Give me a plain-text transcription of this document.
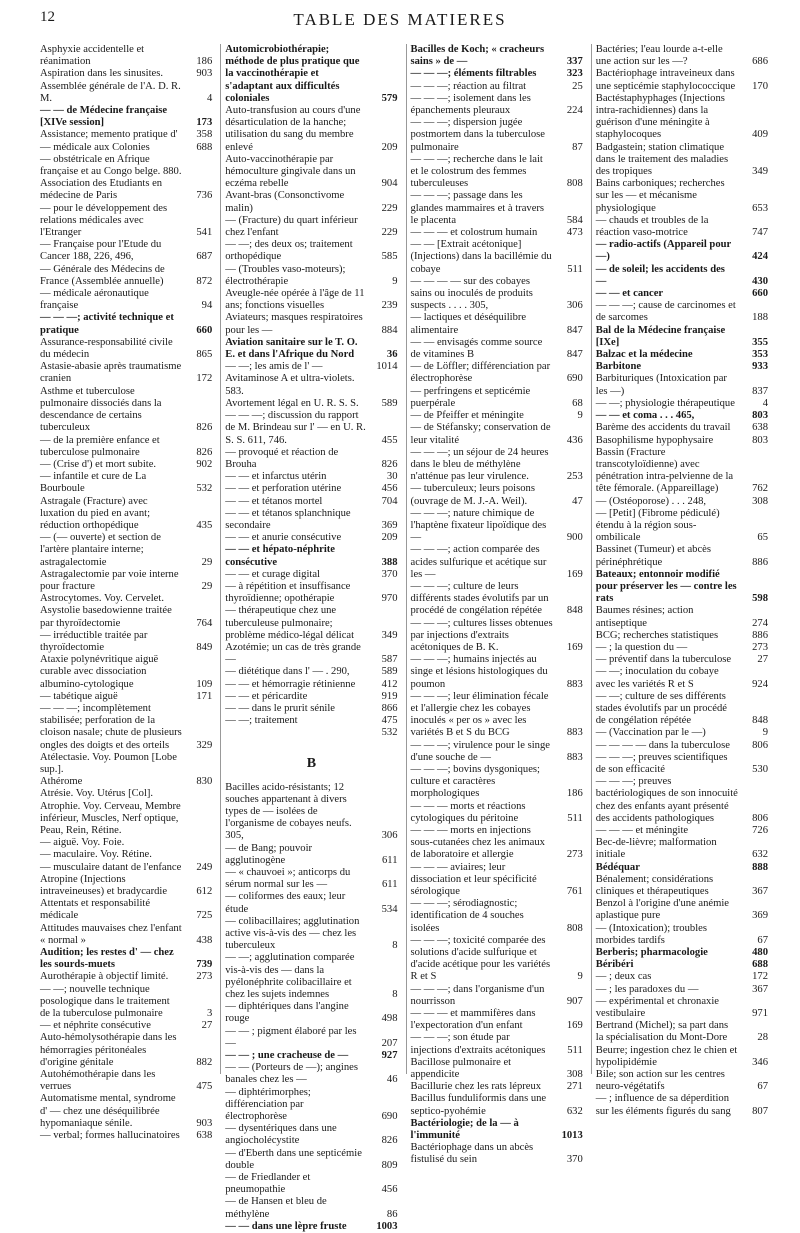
12	TABLE DES MATIERES
Asphyxie accidentelle et réanimation	186
Aspiration dans les sinusites.	903
Assemblée générale de l'A. D. R. M.	4
— — de Médecine française [XIVe session]	173
Assistance; memento pratique d'	358
— médicale aux Colonies	688
— obstétricale en Afrique française et au Congo belge. 880.
Association des Etudiants en médecine de Paris	736
— pour le développement des relations médicales avec l'Etranger	541
— Française pour l'Etude du Cancer 188, 226, 496,	687
— Générale des Médecins de France (Assemblée annuelle)	872
— médicale aéronautique française	94
— — —; activité technique et pratique	660
Assurance-responsabilité civile du médecin	865
Astasie-abasie après traumatisme cranien	172
Asthme et tuberculose pulmonaire dissociés dans la descendance de certains tuberculeux	826
— de la première enfance et tuberculose pulmonaire	826
— (Crise d') et mort subite.	902
— infantile et cure de La Bourboule	532
Astragale (Fracture) avec luxation du pied en avant; réduction orthopédique	435
— (— ouverte) et section de l'artère plantaire interne; astragalectomie	29
Astragalectomie par voie interne pour fracture	29
Astrocytomes. Voy. Cervelet.
Asystolie basedowienne traitée par thyroïdectomie	764
— irréductible traitée par thyroïdectomie	849
Ataxie polynévritique aiguë curable avec dissociation albumino-cytologique	109
— tabétique aiguë	171
— — —; incomplètement stabilisée; perforation de la cloison nasale; chute de plusieurs ongles des doigts et des orteils	329
Atélectasie. Voy. Poumon [Lobe sup.].
Athérome	830
Atrésie. Voy. Utérus [Col].
Atrophie. Voy. Cerveau, Membre inférieur, Muscles, Nerf optique, Peau, Rein, Rétine.
— aiguë. Voy. Foie.
— maculaire. Voy. Rétine.
— musculaire datant de l'enfance	249
Atropine (Injections intraveineuses) et bradycardie	612
Attentats et responsabilité médicale	725
Attitudes mauvaises chez l'enfant « normal »	438
Audition; les restes d' — chez les sourds-muets	739
Aurothérapie à objectif limité.	273
— —; nouvelle technique posologique dans le traitement de la tuberculose pulmonaire	3
— et néphrite consécutive	27
Auto-hémolysothérapie dans les hémorragies péritonéales d'origine génitale	882
Autohémothérapie dans les verrues	475
Automatisme mental, syndrome d' — chez une déséquilibrée hypomaniaque sénile.	903
— verbal; formes hallucinatoires	638
Automicrobiothérapie; méthode de plus pratique que la vaccinothérapie et s'adaptant aux difficultés coloniales	579
Auto-transfusion au cours d'une désarticulation de la hanche; utilisation du sang du membre enlevé	209
Auto-vaccinothérapie par hémoculture gingivale dans un eczéma rebelle	904
Avant-bras (Consonctivome malin)	229
— (Fracture) du quart inférieur chez l'enfant	229
— —; des deux os; traitement orthopédique	585
— (Troubles vaso-moteurs); électrothérapie	9
Aveugle-née opérée à l'âge de 11 ans; fonctions visuelles	239
Aviateurs; masques respiratoires pour les —	884
Aviation sanitaire sur le T. O. E. et dans l'Afrique du Nord	36
— —; les amis de l' —	1014
Avitaminose A et ultra-violets. 583.
Avortement légal en U. R. S. S.	589
— — —; discussion du rapport de M. Brindeau sur l' — en U. R. S. S. 611, 746.	455
— provoqué et réaction de Brouha	826
— — et infarctus utérin	30
— — et perforation utérine	456
— — et tétanos mortel	704
— — et tétanos splanchnique secondaire	369
— — et anurie consécutive	209
— — et hépato-néphrite consécutive	388
— — et curage digital	370
— à répétition et insuffisance thyroïdienne; opothérapie	970
— thérapeutique chez une tuberculeuse pulmonaire; problème médico-légal délicat	349
Azotémie; un cas de très grande —	587
— diététique dans l' — . 290,	589
— — et hémorragie rétinienne	412
— — et péricardite	919
— — dans le prurit sénile	866
— —; traitement	475
532
B
Bacilles acido-résistants; 12 souches appartenant à divers types de — isolées de l'organisme de cobayes neufs. 305,	306
— de Bang; pouvoir agglutinogène	611
— « chauvoei »; anticorps du sérum normal sur les —	611
— coliformes des eaux; leur étude	534
— colibacillaires; agglutination active vis-à-vis des — chez les tuberculeux	8
— —; agglutination comparée vis-à-vis des — dans la pyélonéphrite colibacillaire et chez les sujets indemnes	8
— diphtériques dans l'angine rouge	498
— — ; pigment élaboré par les —	207
— — ; une cracheuse de —	927
— — (Porteurs de —); angines banales chez les —	46
— diphtérimorphes; différenciation par électrophorèse	690
— dysentériques dans une angiocholécystite	826
— d'Eberth dans une septicémie double	809
— de Friedlander et pneumopathie	456
— de Hansen et bleu de méthylène	86
— — dans une lèpre fruste	1003
Bacilles de Koch; « cracheurs sains » de —	337
— — —; éléments filtrables	323
— — —; réaction au filtrat	25
— — —; isolement dans les épanchements pleuraux	224
— — —; dispersion jugée postmortem dans la tuberculose pulmonaire	87
— — —; recherche dans le lait et le colostrum des femmes tuberculeuses	808
— — —; passage dans les glandes mammaires et à travers le placenta	584
— — — et colostrum humain	473
— — [Extrait acétonique] (Injections) dans la bacillémie du cobaye	511
— — — — sur des cobayes sains ou inoculés de produits suspects . . . . 305,	306
— lactiques et déséquilibre alimentaire	847
— — envisagés comme source de vitamines B	847
— de Löffler; différenciation par électrophorèse	690
— perfringens et septicémie puerpérale	68
— de Pfeiffer et méningite	9
— de Stéfansky; conservation de leur vitalité	436
— — —; un séjour de 24 heures dans le bleu de méthylène n'atténue pas leur virulence.	253
— tuberculeux; leurs poisons (ouvrage de M. J.-A. Weil).	47
— — —; nature chimique de l'haptène fixateur lipoïdique des —	900
— — —; action comparée des acides sulfurique et acétique sur les —	169
— — —; culture de leurs différents stades évolutifs par un procédé de congélation répétée	848
— — —; cultures lisses obtenues par injections d'extraits acétoniques de B. K.	169
— — —; humains injectés au singe et lésions histologiques du poumon	883
— — —; leur élimination fécale et l'allergie chez les cobayes inoculés « per os » avec les variétés B et S du BCG	883
— — —; virulence pour le singe d'une souche de —	883
— — —; bovins dysgoniques; culture et caractères morphologiques	186
— — — morts et réactions cytologiques du péritoine	511
— — — morts en injections sous-cutanées chez les animaux de laboratoire et allergie	273
— — — aviaires; leur dissociation et leur spécificité sérologique	761
— — —; sérodiagnostic; identification de 4 souches isolées	808
— — —; toxicité comparée des solutions d'acide sulfurique et d'acide acétique pour les variétés R et S	9
— — —; dans l'organisme d'un nourrisson	907
— — — et mammifères dans l'expectoration d'un enfant	169
— — —; son étude par injections d'extraits acétoniques	511
Bacillose pulmonaire et appendicite	308
Bacillurie chez les rats lépreux	271
Bacillus funduliformis dans une septico-pyohémie	632
Bactériologie; de la — à l'immunité	1013
Bactériophage dans un abcès fistulisé du sein	370
Bactéries; l'eau lourde a-t-elle une action sur les —?	686
Bactériophage intraveineux dans une septicémie staphylococcique	170
Bactéstaphyphages (Injections intra-rachidiennes) dans la guérison d'une méningite à staphylocoques	409
Badgastein; station climatique dans le traitement des maladies des tropiques	349
Bains carboniques; recherches sur les — et mécanisme physiologique	653
— chauds et troubles de la réaction vaso-motrice	747
— radio-actifs (Appareil pour —)	424
— de soleil; les accidents des —	430
— — et cancer	660
— — —; cause de carcinomes et de sarcomes	188
Bal de la Médecine française [IXe]	355
Balzac et la médecine	353
Barbitone	933
Barbituriques (Intoxication par les —)	837
— —; physiologie thérapeutique	4
— — et coma . . . 465,	803
Barème des accidents du travail	638
Basophilisme hypophysaire	803
Bassin (Fracture transcotyloïdienne) avec pénétration intra-pelvienne de la tête fémorale. (Appareillage)	762
— (Ostéoporose) . . . 248,	308
— [Petit] (Fibrome pédiculé) étendu à la région sous-ombilicale	65
Bassinet (Tumeur) et abcès périnéphrétique	886
Bateaux; entonnoir modifié pour préserver les — contre les rats	598
Baumes résines; action antiseptique	274
BCG; recherches statistiques	886
— ; la question du —	273
— préventif dans la tuberculose	27
— —; inoculation du cobaye avec les variétés R et S	924
— —; culture de ses différents stades évolutifs par un procédé de congélation répétée	848
— (Vaccination par le —)	9
— — — — dans la tuberculose	806
— — —; preuves scientifiques de son efficacité	530
— — —; preuves bactériologiques de son innocuité chez des enfants ayant présenté des accidents pathologiques	806
— — — et méningite	726
Bec-de-lièvre; malformation initiale	632
Bédéquar	888
Bénalement; considérations cliniques et thérapeutiques	367
Benzol à l'origine d'une anémie aplastique pure	369
— (Intoxication); troubles morbides tardifs	67
Berberis; pharmacologie	480
Béribéri	688
— ; deux cas	172
— ; les paradoxes du —	367
— expérimental et chronaxie vestibulaire	971
Bertrand (Michel); sa part dans la spécialisation du Mont-Dore	28
Beurre; ingestion chez le chien et hypolipidémie	346
Bile; son action sur les centres neuro-végétatifs	67
— ; influence de sa déperdition sur les éléments figurés du sang	807
